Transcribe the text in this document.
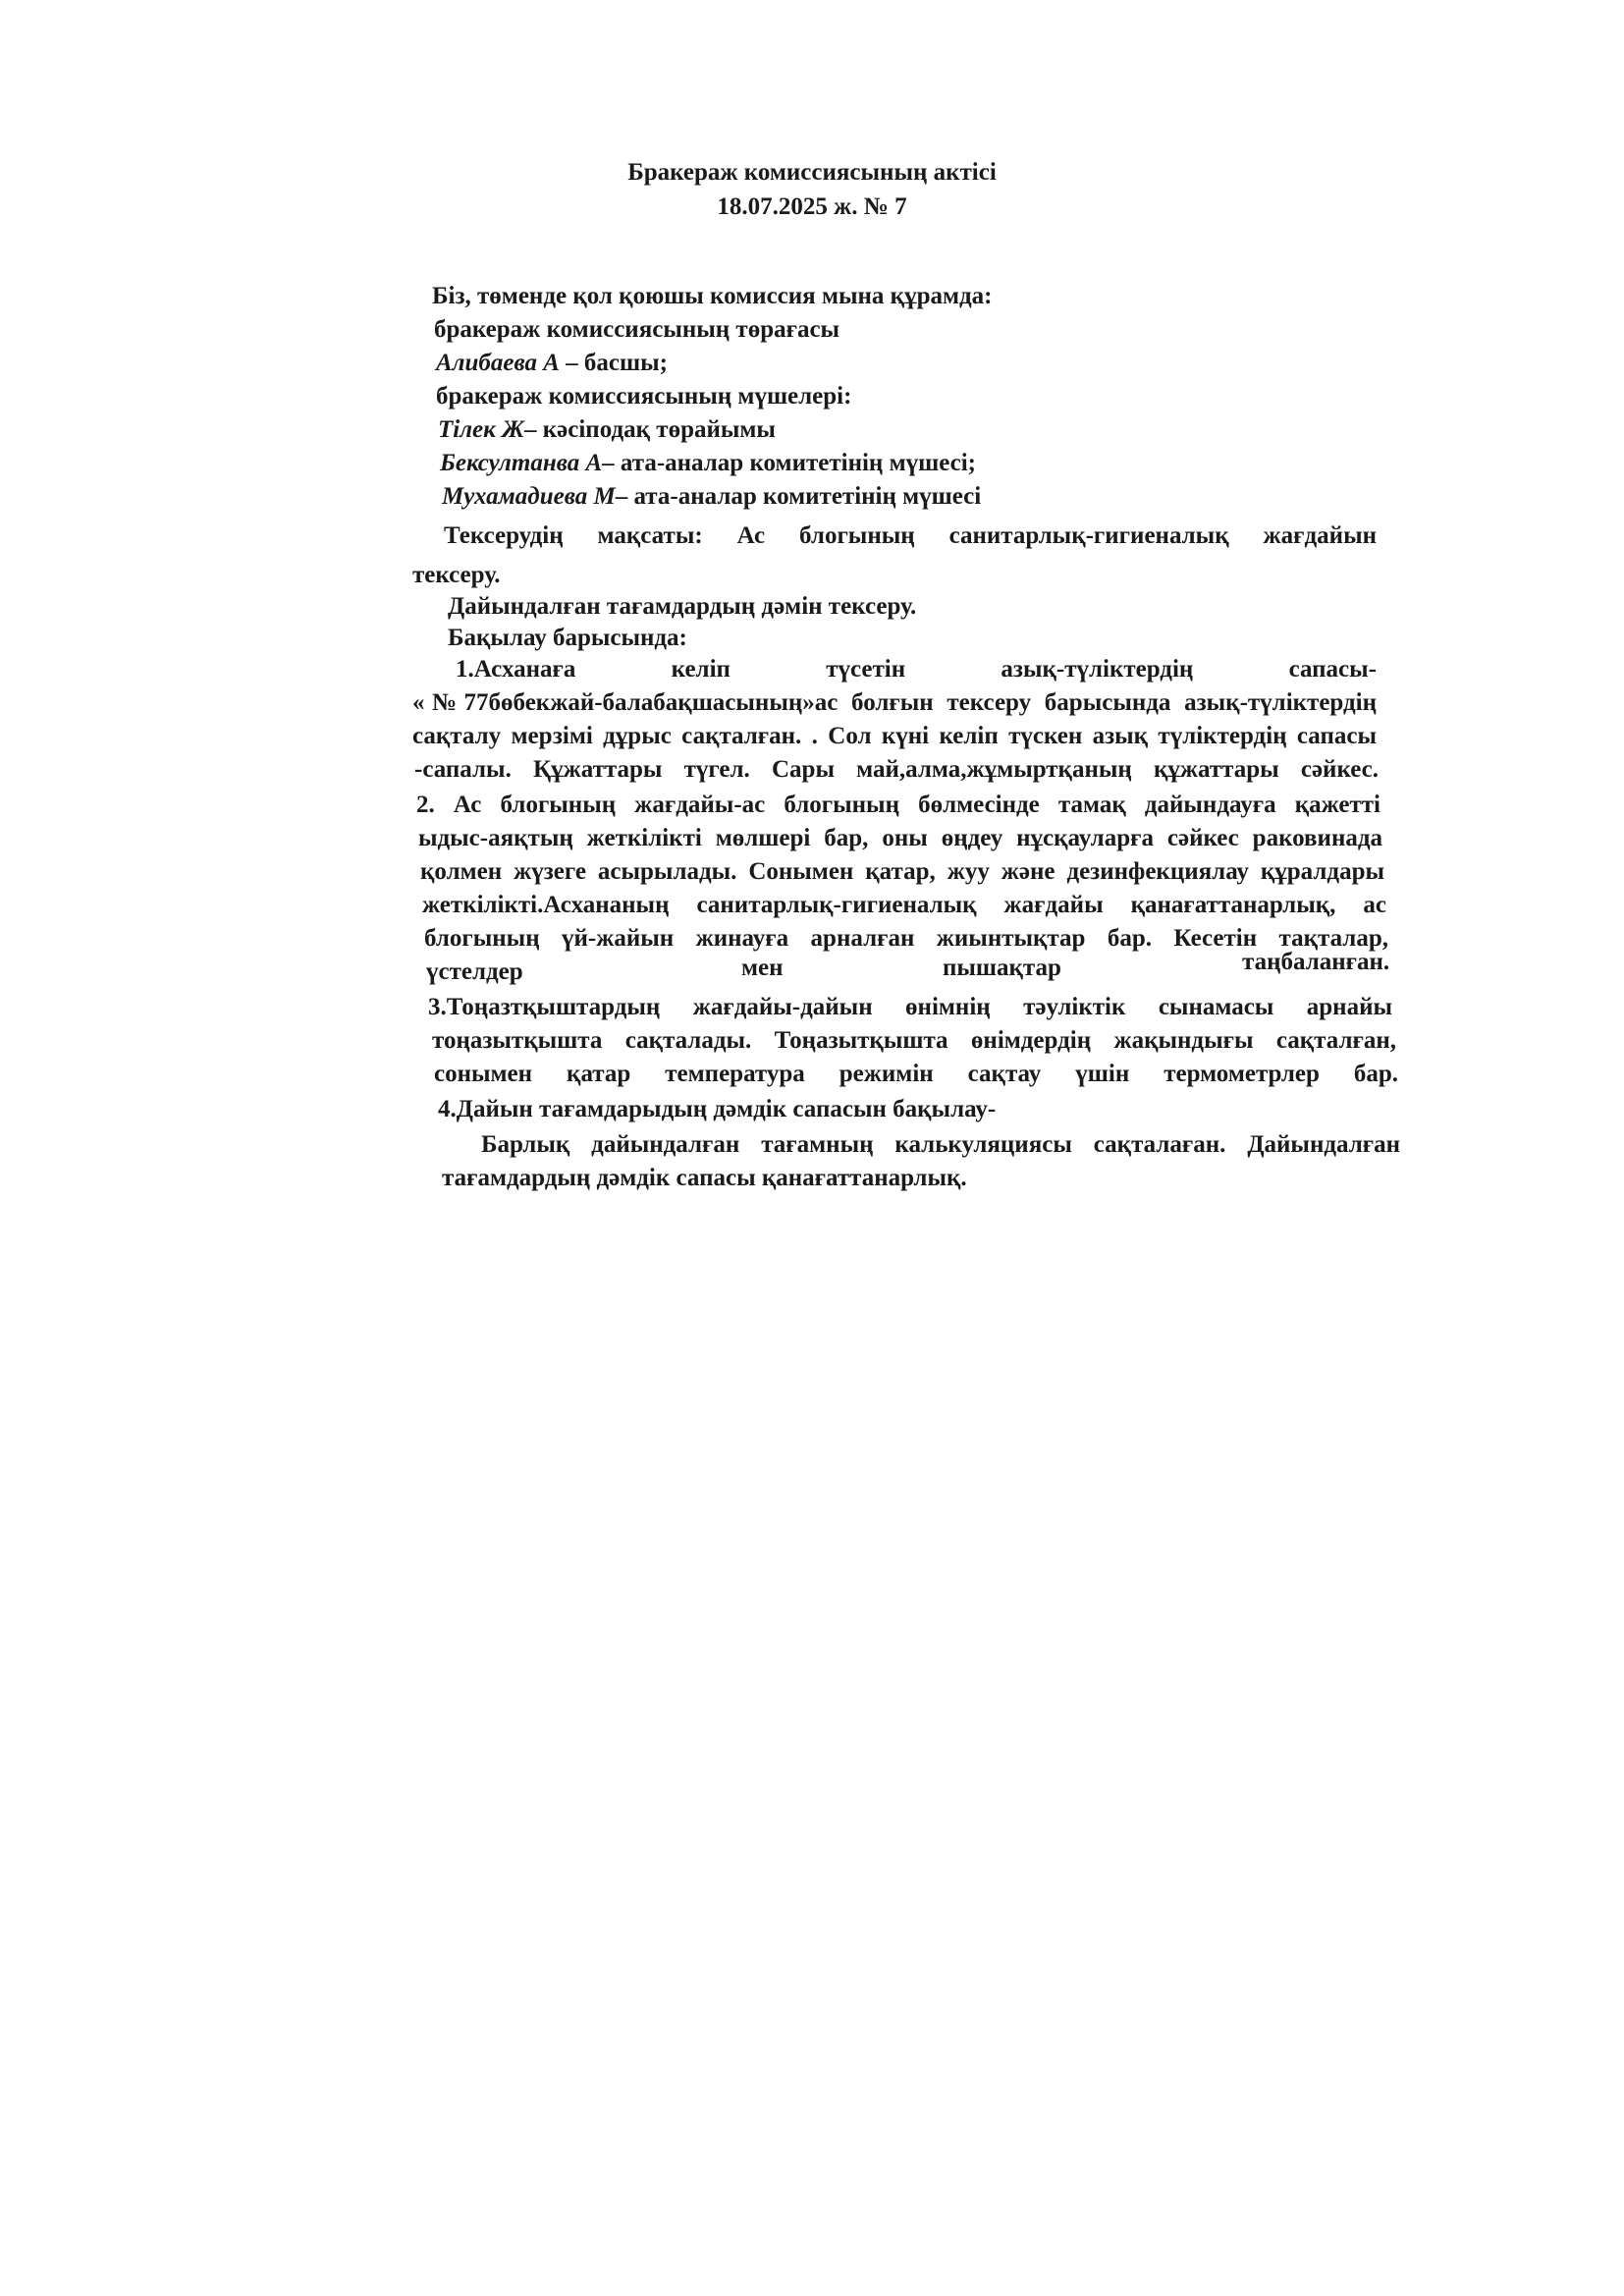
Бракераж комиссиясының актісі
18.07.2025 ж. № 7
Біз, төменде қол қоюшы комиссия мына құрамда:
бракераж комиссиясының төрағасы
Алибаева А – басшы;
бракераж комиссиясының мүшелері:
Тілек Ж– кәсіподақ төрайымы
Бексултанва А– ата-аналар комитетінің мүшесі;
Мухамадиева М– ата-аналар комитетінің мүшесі
Тексерудің мақсаты: Ас блогының санитарлық-гигиеналық жағдайын
тексеру.
Дайындалған тағамдардың дәмін тексеру.
Бақылау барысында:
1.Асханаға келіп түсетін азық-түліктердің сапасы-
«№77бөбекжай-балабақшасының»ас болғын тексеру барысында азық-түліктердің
сақталу мерзімі дұрыс сақталған. . Сол күні келіп түскен азық түліктердің сапасы
-сапалы. Құжаттары түгел. Сары май,алма,жұмыртқаның құжаттары сәйкес.
2. Ас блогының жағдайы-ас блогының бөлмесінде тамақ дайындауға қажетті
ыдыс-аяқтың жеткілікті мөлшері бар, оны өңдеу нұсқауларға сәйкес раковинада
қолмен жүзеге асырылады. Сонымен қатар, жуу және дезинфекциялау құралдары
жеткілікті.Асхананың санитарлық-гигиеналық жағдайы қанағаттанарлық, ас
блогының үй-жайын жинауға арналған жиынтықтар бар. Кесетін тақталар,
үстелдер	мен	пышақтар	таңбаланған.
3.Тоңазтқыштардың жағдайы-дайын өнімнің тәуліктік сынамасы арнайы
тоңазытқышта сақталады. Тоңазытқышта өнімдердің жақындығы сақталған,
сонымен қатар температура режимін сақтау үшін термометрлер бар.
4.Дайын тағамдарыдың дәмдік сапасын бақылау-
Барлық дайындалған тағамның калькуляциясы сақталаған. Дайындалған
тағамдардың дәмдік сапасы қанағаттанарлық.
